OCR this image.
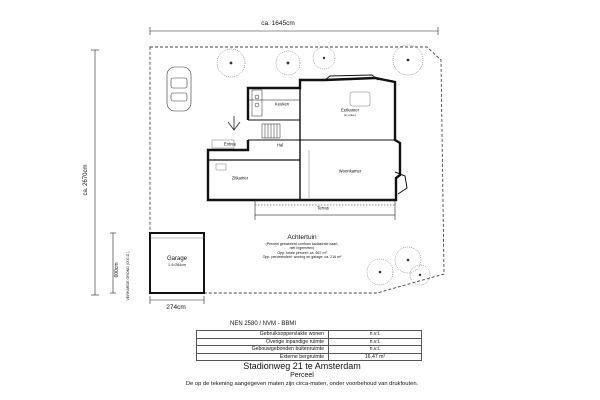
ca. 1645cm
ca. 2670cm
600cm VERHARDE GROND (O.G.D.)
274cm
Keuken
Eetkamer
(in ontw.)
Hal
Entree
Zitkamer
Woonkamer
Terras
Achtertuin
(Perceel gebaseerd conform kadastrale kaart,
niet ingemeten)
Opp. totale perceel: ca. 667 m²
Opp. perceelsdeel: woning en garage: ca. 216 m²
Garage
1.4×284cm
NEN 2580 / NVM - BBMI
Gebruiksoppervlakte wonen	n.v.t.
Overige inpandige ruimte	n.v.t.
Gebouwgebonden buitenruimte	n.v.t.
Externe bergruimte	16,47 m²
Stadionweg 21 te Amsterdam
Perceel
De op de tekening aangegeven maten zijn circa-maten, onder voorbehoud van drukfouten.
